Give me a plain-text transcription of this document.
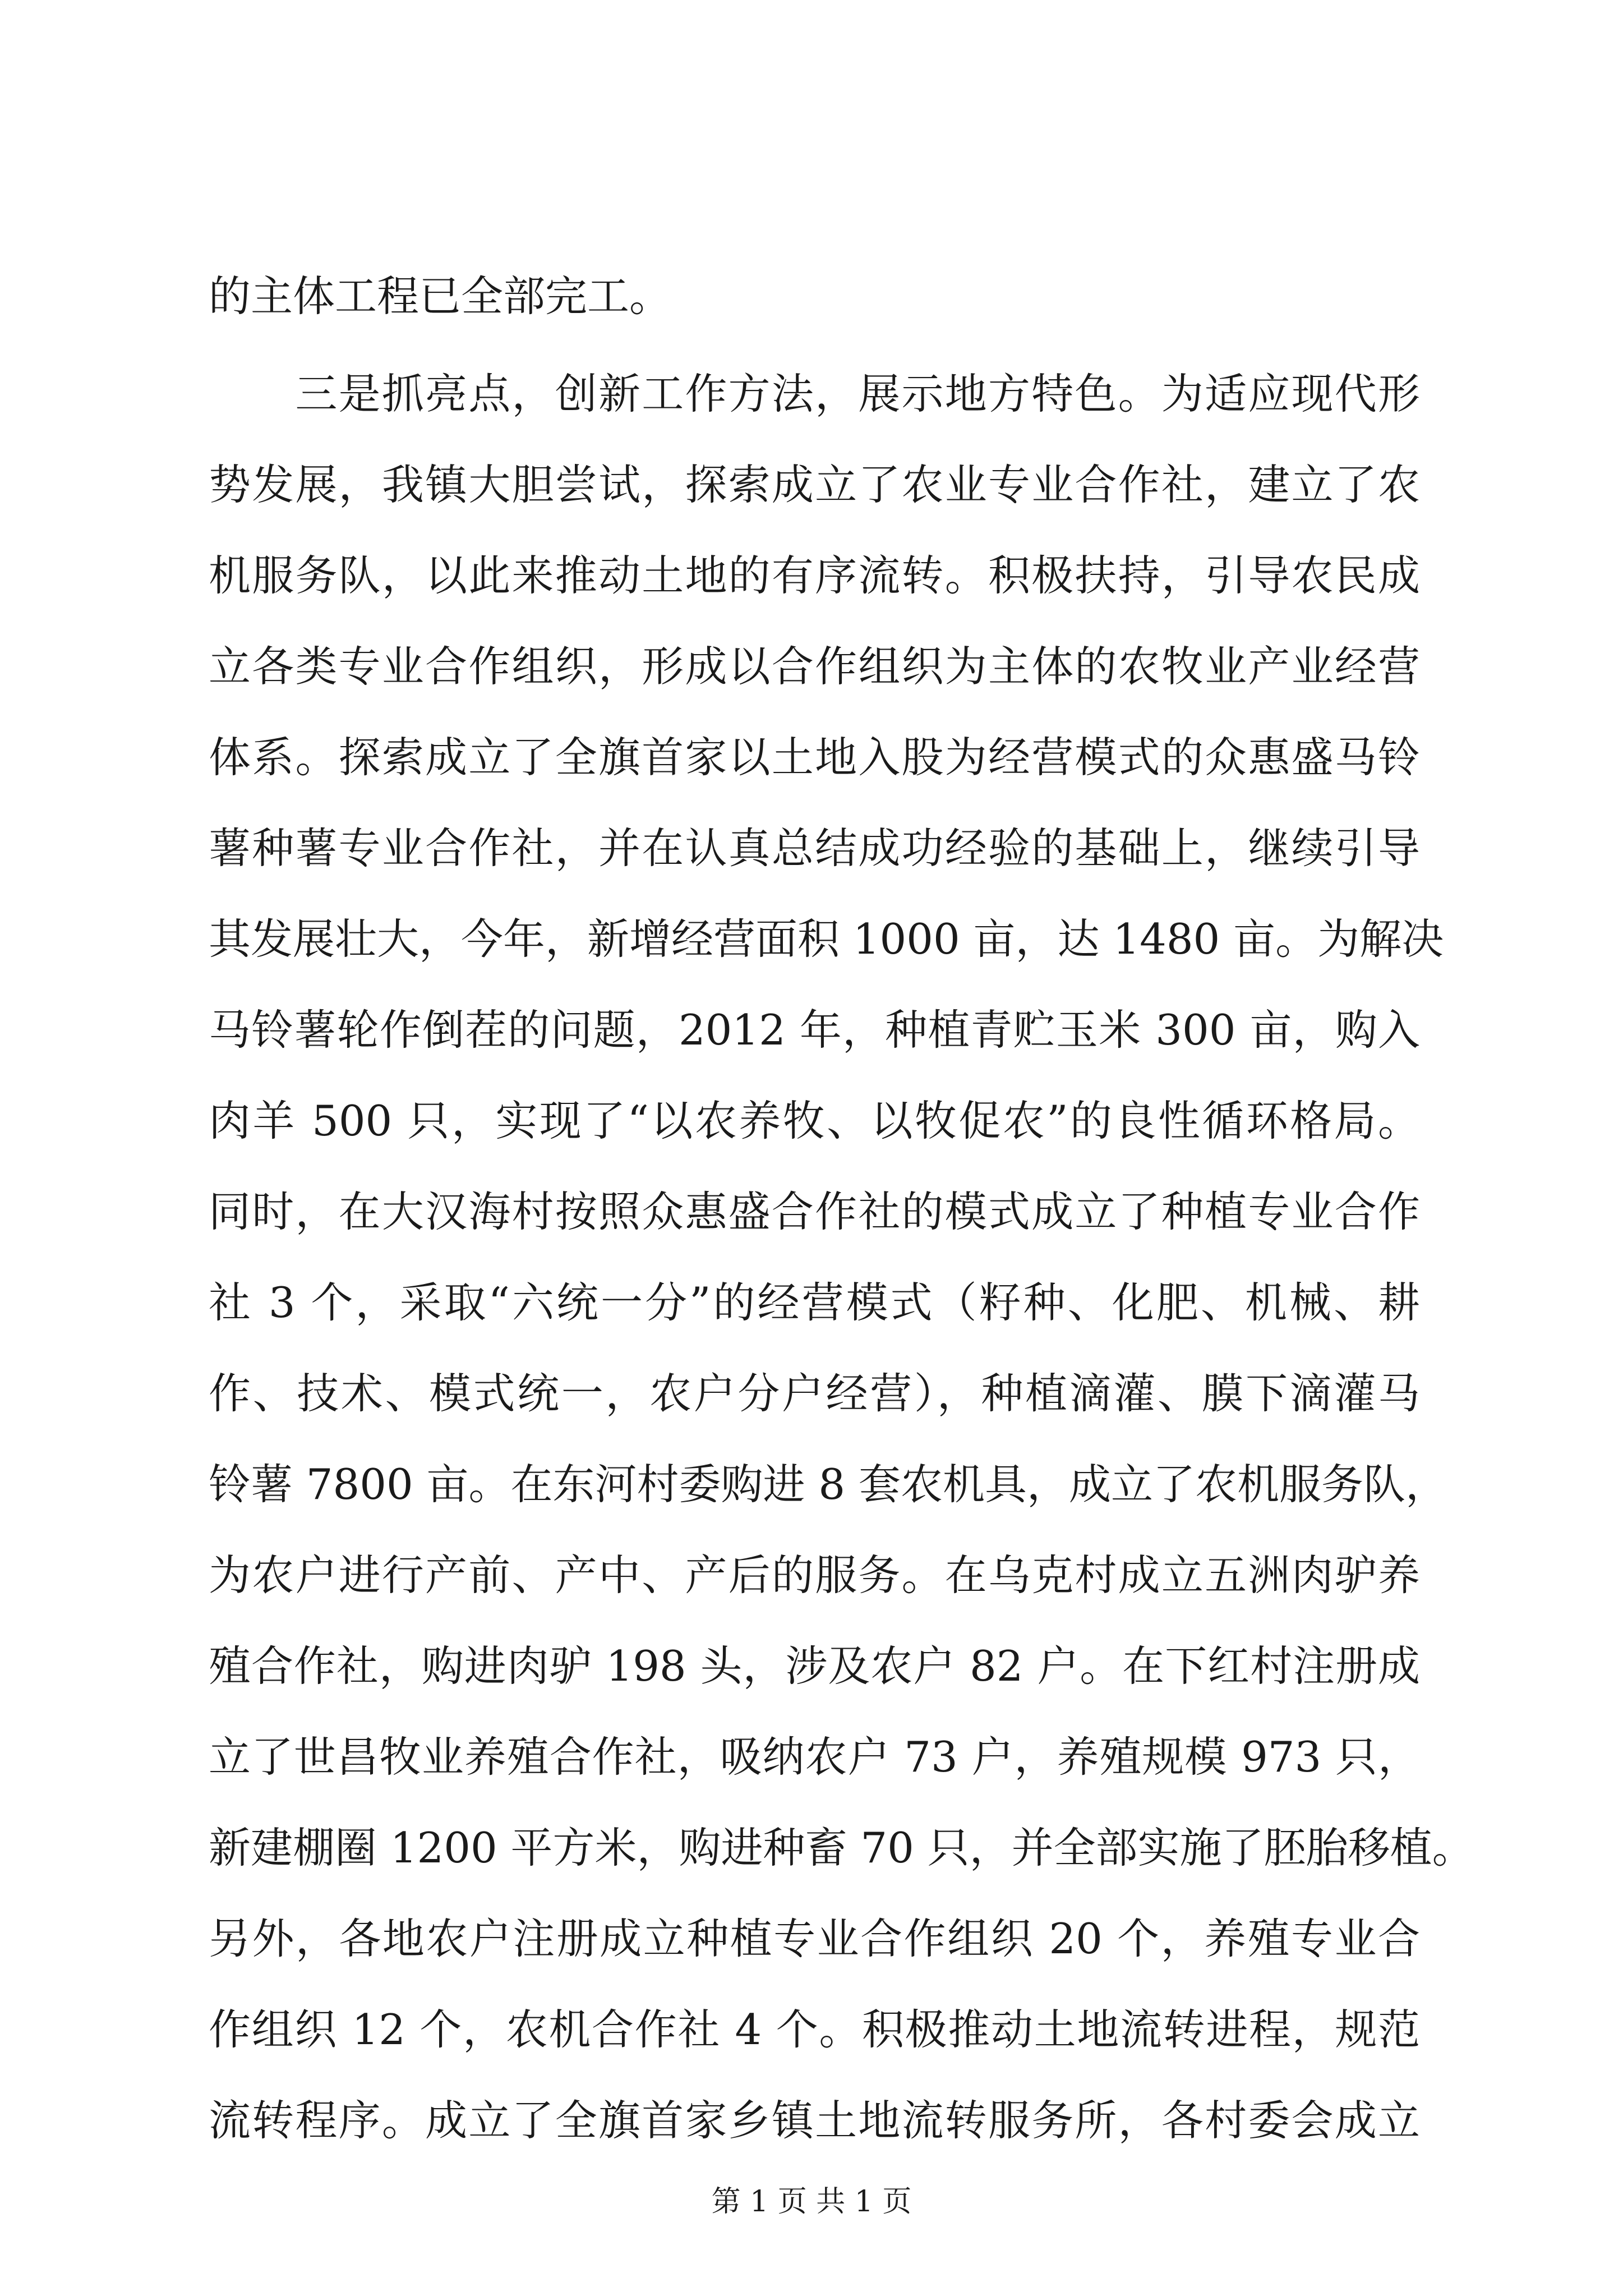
的主体工程已全部完工。
　　三是抓亮点，创新工作方法，展示地方特色。为适应现代形
势发展，我镇大胆尝试，探索成立了农业专业合作社，建立了农
机服务队，以此来推动土地的有序流转。积极扶持，引导农民成
立各类专业合作组织，形成以合作组织为主体的农牧业产业经营
体系。探索成立了全旗首家以土地入股为经营模式的众惠盛马铃
薯种薯专业合作社，并在认真总结成功经验的基础上，继续引导
其发展壮大，今年，新增经营面积 1000 亩，达 1480 亩。为解决
马铃薯轮作倒茬的问题，2012 年，种植青贮玉米 300 亩，购入
肉羊 500 只，实现了“以农养牧、以牧促农”的良性循环格局。
同时，在大汉海村按照众惠盛合作社的模式成立了种植专业合作
社 3 个，采取“六统一分”的经营模式（籽种、化肥、机械、耕
作、技术、模式统一，农户分户经营），种植滴灌、膜下滴灌马
铃薯 7800 亩。在东河村委购进 8 套农机具，成立了农机服务队，
为农户进行产前、产中、产后的服务。在乌克村成立五洲肉驴养
殖合作社，购进肉驴 198 头，涉及农户 82 户。在下红村注册成
立了世昌牧业养殖合作社，吸纳农户 73 户，养殖规模 973 只，
新建棚圈 1200 平方米，购进种畜 70 只，并全部实施了胚胎移植。
另外，各地农户注册成立种植专业合作组织 20 个，养殖专业合
作组织 12 个，农机合作社 4 个。积极推动土地流转进程，规范
流转程序。成立了全旗首家乡镇土地流转服务所，各村委会成立
第 1 页 共 1 页
